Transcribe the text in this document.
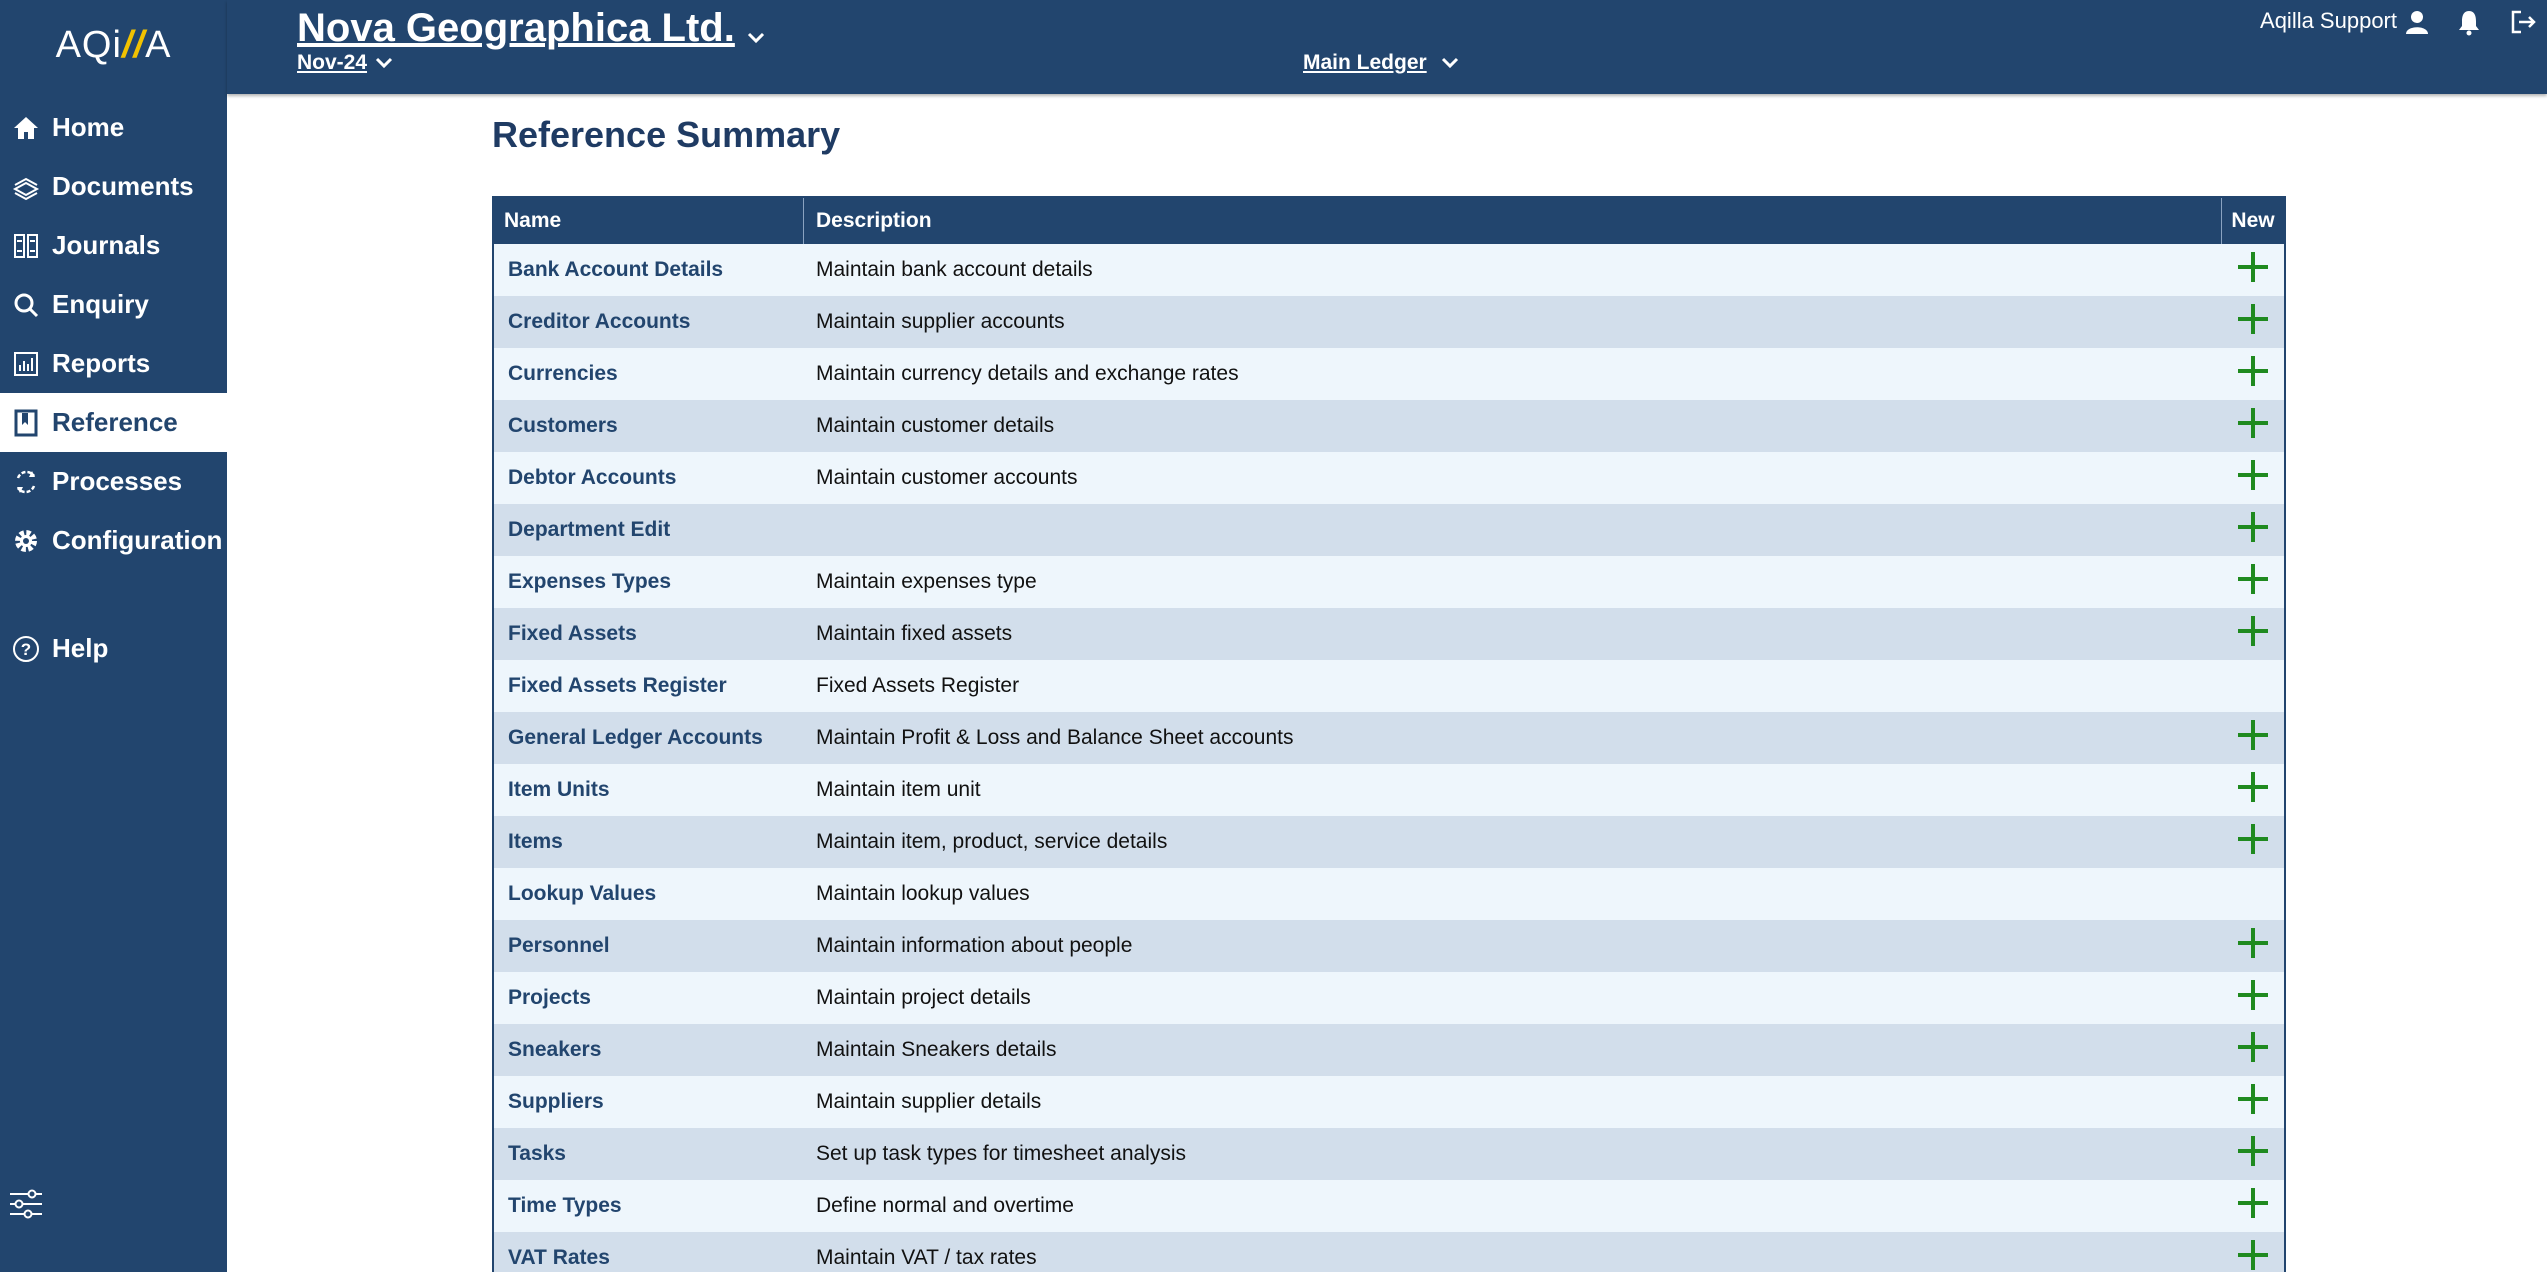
AQi//A
Home
Documents
Journals
Enquiry
Reports
Reference
Processes
Configuration
? Help
Nova Geographica Ltd.
Nov-24	Main Ledger
Aqilla Support
Reference Summary
Name	Description	New
Bank Account Details	Maintain bank account details
Creditor Accounts	Maintain supplier accounts
Currencies	Maintain currency details and exchange rates
Customers	Maintain customer details
Debtor Accounts	Maintain customer accounts
Department Edit
Expenses Types	Maintain expenses type
Fixed Assets	Maintain fixed assets
Fixed Assets Register	Fixed Assets Register
General Ledger Accounts	Maintain Profit & Loss and Balance Sheet accounts
Item Units	Maintain item unit
Items	Maintain item, product, service details
Lookup Values	Maintain lookup values
Personnel	Maintain information about people
Projects	Maintain project details
Sneakers	Maintain Sneakers details
Suppliers	Maintain supplier details
Tasks	Set up task types for timesheet analysis
Time Types	Define normal and overtime
VAT Rates	Maintain VAT / tax rates
